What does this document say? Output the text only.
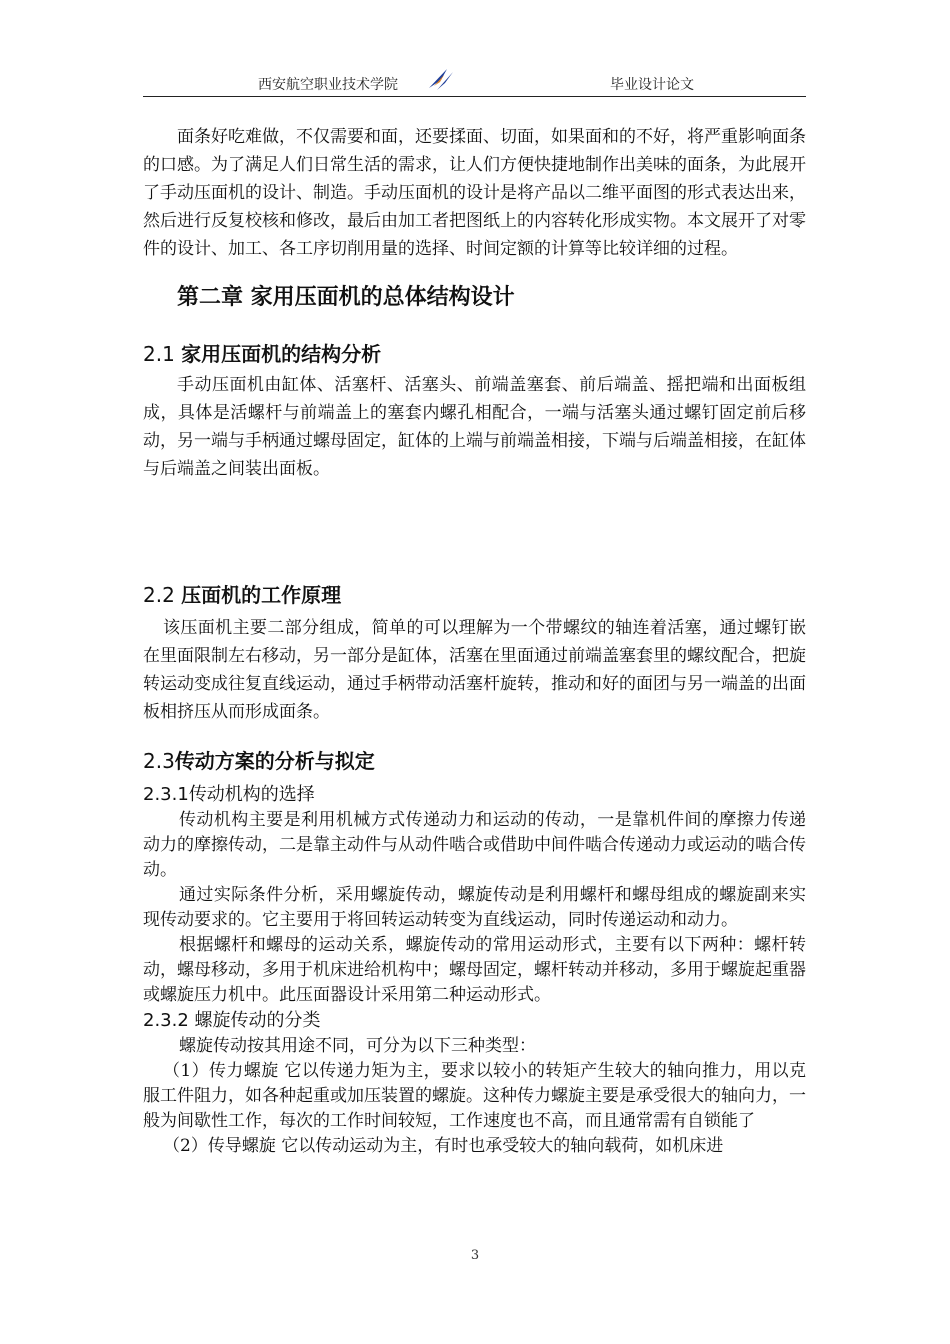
西安航空职业技术学院	毕业设计论文

面条好吃难做，不仅需要和面，还要揉面、切面，如果面和的不好，将严重影响面条的口感。为了满足人们日常生活的需求，让人们方便快捷地制作出美味的面条，为此展开了手动压面机的设计、制造。手动压面机的设计是将产品以二维平面图的形式表达出来，然后进行反复校核和修改，最后由加工者把图纸上的内容转化形成实物。本文展开了对零件的设计、加工、各工序切削用量的选择、时间定额的计算等比较详细的过程。

第二章 家用压面机的总体结构设计
2.1 家用压面机的结构分析

手动压面机由缸体、活塞杆、活塞头、前端盖塞套、前后端盖、摇把端和出面板组成，具体是活螺杆与前端盖上的塞套内螺孔相配合，一端与活塞头通过螺钉固定前后移动，另一端与手柄通过螺母固定，缸体的上端与前端盖相接，下端与后端盖相接，在缸体与后端盖之间装出面板。

2.2 压面机的工作原理

该压面机主要二部分组成，简单的可以理解为一个带螺纹的轴连着活塞，通过螺钉嵌在里面限制左右移动，另一部分是缸体，活塞在里面通过前端盖塞套里的螺纹配合，把旋转运动变成往复直线运动，通过手柄带动活塞杆旋转，推动和好的面团与另一端盖的出面板相挤压从而形成面条。

2.3传动方案的分析与拟定
2.3.1传动机构的选择

传动机构主要是利用机械方式传递动力和运动的传动，一是靠机件间的摩擦力传递动力的摩擦传动，二是靠主动件与从动件啮合或借助中间件啮合传递动力或运动的啮合传动。

通过实际条件分析，采用螺旋传动，螺旋传动是利用螺杆和螺母组成的螺旋副来实现传动要求的。它主要用于将回转运动转变为直线运动，同时传递运动和动力。

根据螺杆和螺母的运动关系，螺旋传动的常用运动形式，主要有以下两种：螺杆转动，螺母移动，多用于机床进给机构中；螺母固定，螺杆转动并移动，多用于螺旋起重器或螺旋压力机中。此压面器设计采用第二种运动形式。

2.3.2 螺旋传动的分类

螺旋传动按其用途不同，可分为以下三种类型：

（1）传力螺旋 它以传递力矩为主，要求以较小的转矩产生较大的轴向推力，用以克服工件阻力，如各种起重或加压装置的螺旋。这种传力螺旋主要是承受很大的轴向力，一般为间歇性工作，每次的工作时间较短，工作速度也不高，而且通常需有自锁能了

（2）传导螺旋 它以传动运动为主，有时也承受较大的轴向载荷，如机床进

3
